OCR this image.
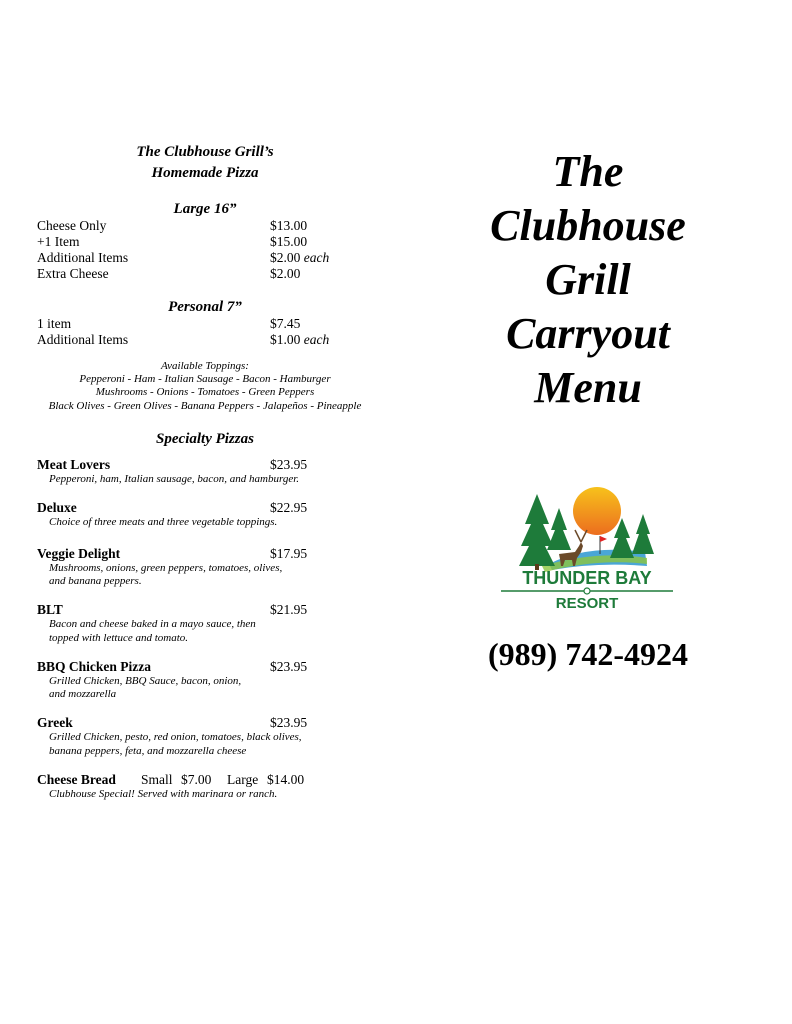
The Clubhouse Grill’s
Homemade Pizza
Large 16”
Cheese Only	$13.00
+1 Item	$15.00
Additional Items	$2.00 each
Extra Cheese	$2.00
Personal 7”
1 item	$7.45
Additional Items	$1.00 each
Available Toppings:
Pepperoni - Ham - Italian Sausage - Bacon - Hamburger
Mushrooms - Onions - Tomatoes - Green Peppers
Black Olives - Green Olives - Banana Peppers - Jalapeños - Pineapple
Specialty Pizzas
Meat Lovers	$23.95
Pepperoni, ham, Italian sausage, bacon, and hamburger.
Deluxe	$22.95
Choice of three meats and three vegetable toppings.
Veggie Delight	$17.95
Mushrooms, onions, green peppers, tomatoes, olives,
and banana peppers.
BLT	$21.95
Bacon and cheese baked in a mayo sauce, then
topped with lettuce and tomato.
BBQ Chicken Pizza	$23.95
Grilled Chicken, BBQ Sauce, bacon, onion,
and mozzarella
Greek	$23.95
Grilled Chicken, pesto, red onion, tomatoes, black olives,
banana peppers, feta, and mozzarella cheese
Cheese Bread Small $7.00 Large $14.00
Clubhouse Special! Served with marinara or ranch.
The
Clubhouse
Grill
Carryout
Menu
(989) 742-4924
THUNDER BAY
RESORT
